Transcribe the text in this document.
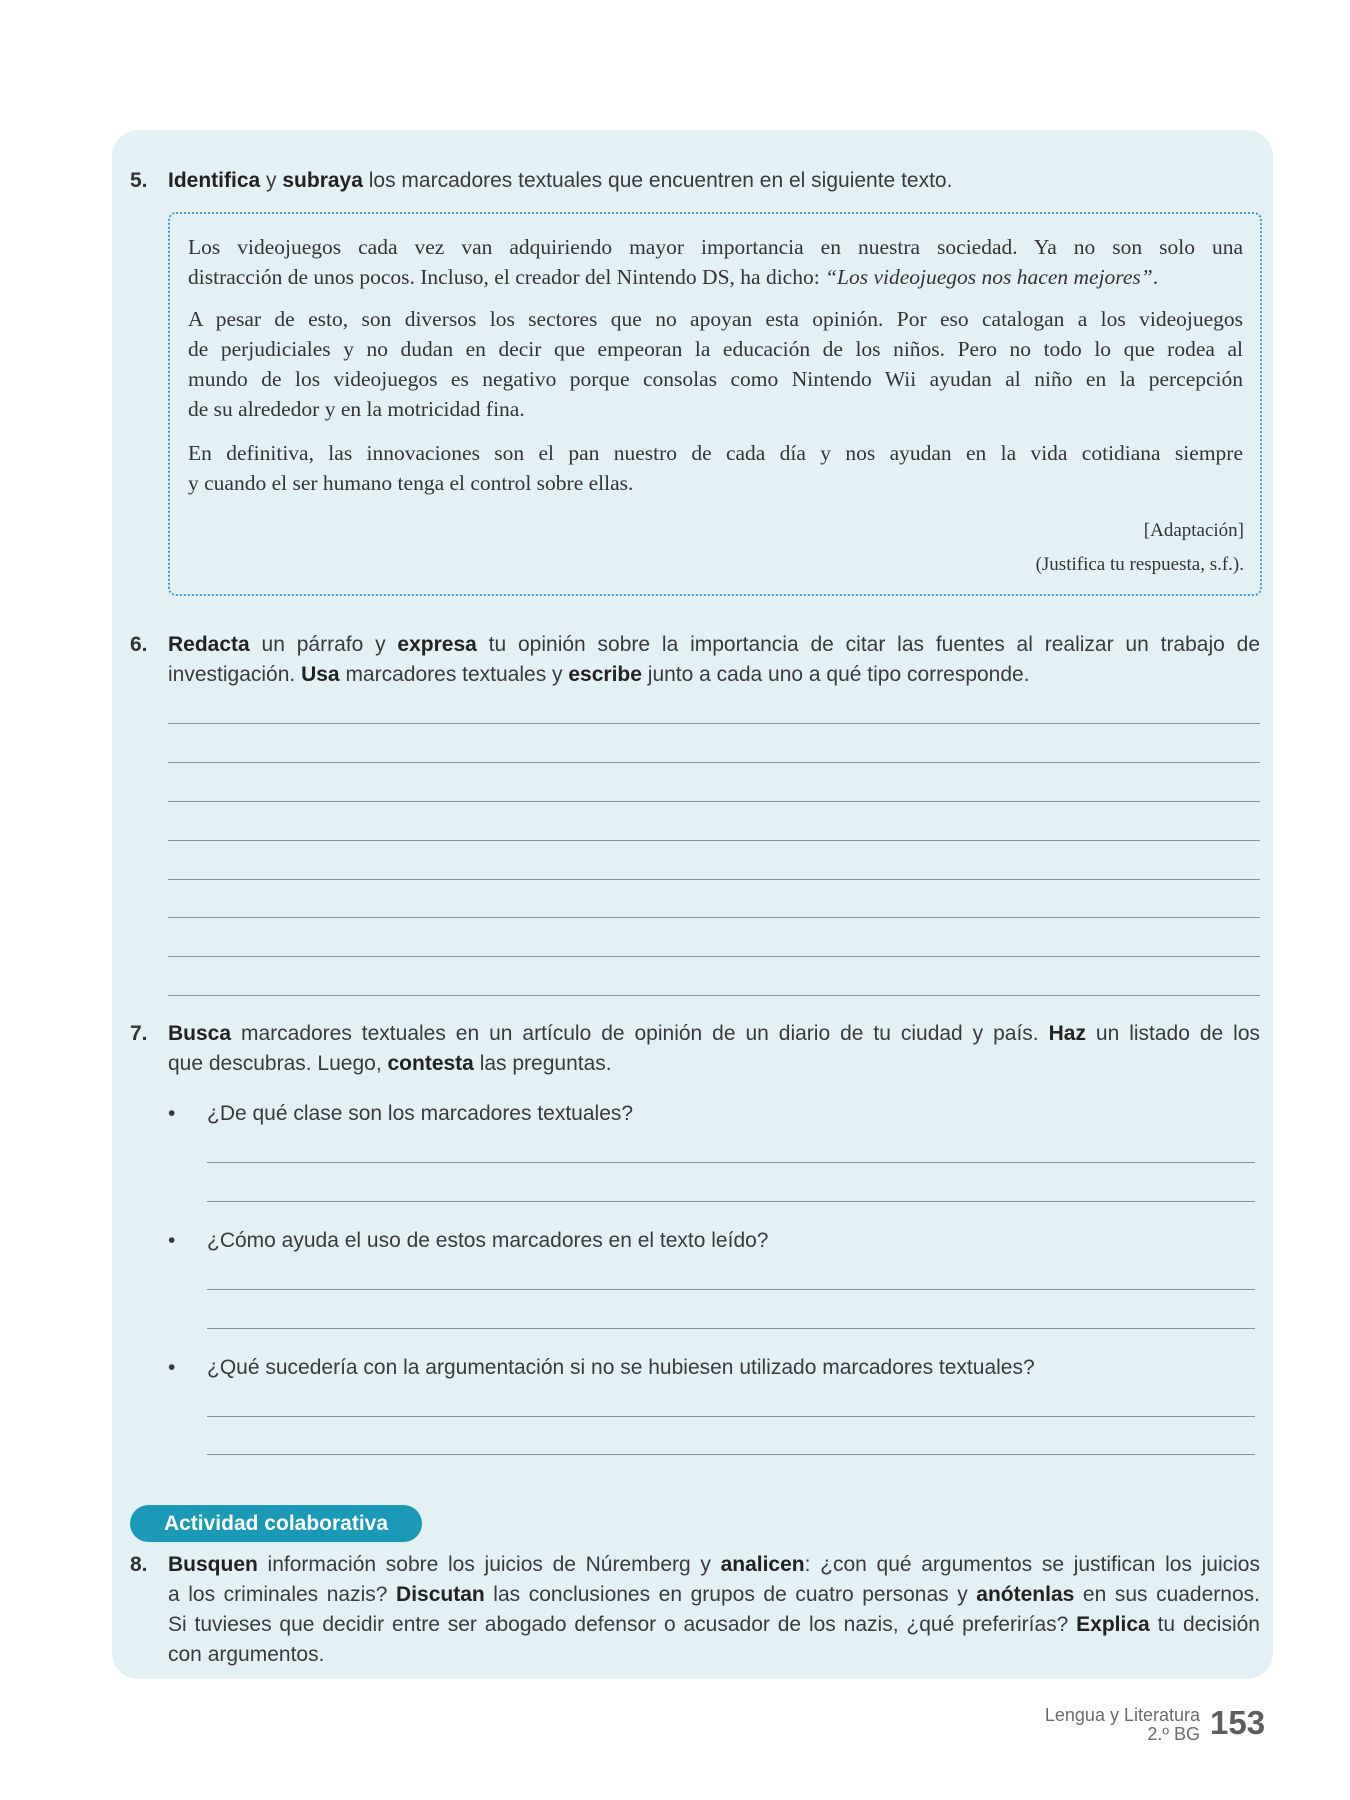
5. Identifica y subraya los marcadores textuales que encuentren en el siguiente texto.
Los videojuegos cada vez van adquiriendo mayor importancia en nuestra sociedad. Ya no son solo una
distracción de unos pocos. Incluso, el creador del Nintendo DS, ha dicho: “Los videojuegos nos hacen mejores”.
A pesar de esto, son diversos los sectores que no apoyan esta opinión. Por eso catalogan a los videojuegos
de perjudiciales y no dudan en decir que empeoran la educación de los niños. Pero no todo lo que rodea al
mundo de los videojuegos es negativo porque consolas como Nintendo Wii ayudan al niño en la percepción
de su alrededor y en la motricidad fina.
En definitiva, las innovaciones son el pan nuestro de cada día y nos ayudan en la vida cotidiana siempre
y cuando el ser humano tenga el control sobre ellas.
[Adaptación]
(Justifica tu respuesta, s.f.).
6. Redacta un párrafo y expresa tu opinión sobre la importancia de citar las fuentes al realizar un trabajo de
investigación. Usa marcadores textuales y escribe junto a cada uno a qué tipo corresponde.
7. Busca marcadores textuales en un artículo de opinión de un diario de tu ciudad y país. Haz un listado de los
que descubras. Luego, contesta las preguntas.
• ¿De qué clase son los marcadores textuales?
• ¿Cómo ayuda el uso de estos marcadores en el texto leído?
• ¿Qué sucedería con la argumentación si no se hubiesen utilizado marcadores textuales?
Actividad colaborativa
8. Busquen información sobre los juicios de Núremberg y analicen: ¿con qué argumentos se justifican los juicios
a los criminales nazis? Discutan las conclusiones en grupos de cuatro personas y anótenlas en sus cuadernos.
Si tuvieses que decidir entre ser abogado defensor o acusador de los nazis, ¿qué preferirías? Explica tu decisión
con argumentos.
Lengua y Literatura
2.º BG 153
